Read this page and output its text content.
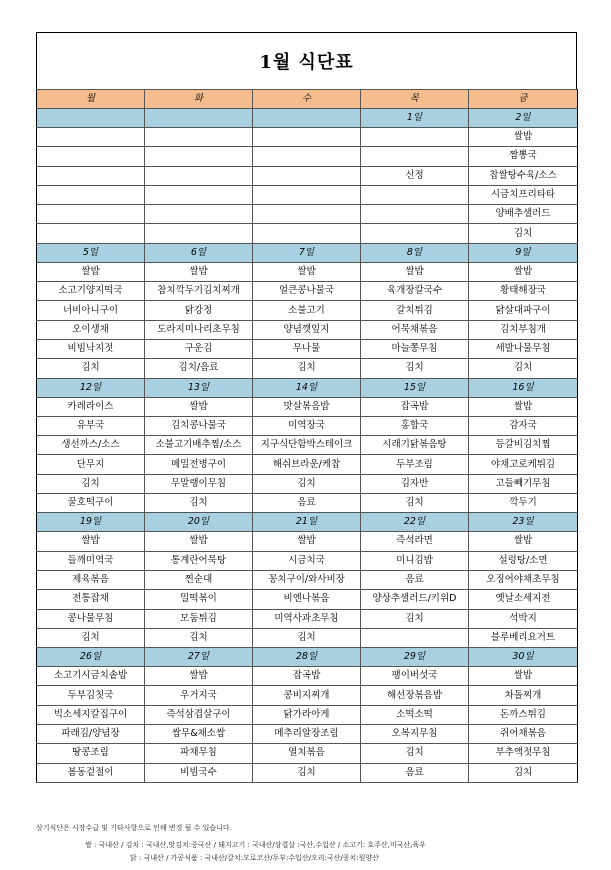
1월 식단표
월	화	수	목	금
			1일	2일
				쌀밥
				짬뽕국
			신정	찹쌀탕수육/소스
				시금치프리타타
				양배추샐러드
				김치
5일	6일	7일	8일	9일
쌀밥	쌀밥	쌀밥	쌀밥	쌀밥
소고기양지떡국	참치깍두기김치찌개	얼큰콩나물국	육개장칼국수	황태해장국
너비아니구이	닭강정	소불고기	갈치튀김	닭살대파구이
오이생채	도라지미나리초무침	양념깻잎지	어묵채볶음	김치부침개
비빔낙지젓	구운김	무나물	마늘쫑무침	세발나물무침
김치	김치/음료	김치	김치	김치
12일	13일	14일	15일	16일
카레라이스	쌀밥	맛살볶음밥	잡곡밥	쌀밥
유부국	김치콩나물국	미역장국	홍합국	감자국
생선까스/소스	소불고기배추찜/소스	지구식단함박스테이크	시래기닭볶음탕	등갈비김치찜
단무지	메밀전병구이	해쉬브라운/케찹	두부조림	야채고로케튀김
김치	무말랭이무침	김치	김자반	고들빼기무침
꿀호떡구이	김치	음료	김치	깍두기
19일	20일	21일	22일	23일
쌀밥	쌀밥	쌀밥	즉석라면	쌀밥
들깨미역국	통계란어묵탕	시금치국	미니김밥	설렁탕/소면
제육볶음	찐순대	꽁치구이/와사비장	음료	오징어야채초무침
전통잡채	밀떡볶이	비엔나볶음	양상추샐러드/키위D	옛날소세지전
콩나물무침	모둠튀김	미역사과초무침	김치	석박지
김치	김치	김치		블루베리요거트
26일	27일	28일	29일	30일
소고기시금치솥밥	쌀밥	잡곡밥	팽이버섯국	쌀밥
두부김칫국	우거지국	콩비지찌개	해선장볶음밥	차돌찌개
빅소세지칼집구이	즉석삼겹살구이	닭가라아게	소떡소떡	돈까스튀김
파래김/양념장	쌈무&채소쌈	메추리알장조림	오복지무침	쥐어채볶음
땅콩조림	파채무침	열치볶음	김치	부추액젓무침
봄동겉절이	비빔국수	김치	음료	김치
상기식단은 시장수급 및 기타사항으로 인해 변경 될 수 있습니다.
쌀 : 국내산 / 김치 : 국내산,맛김치:중국산 / 돼지고기 : 국내산/삼겹살 :국산,수입산 / 소고기: 호주산,미국산,육우
닭 : 국내산 / 가공식품 : 국내산/갈치:모로코산/두부:수입산/오리:국산/꽁치:원양산
